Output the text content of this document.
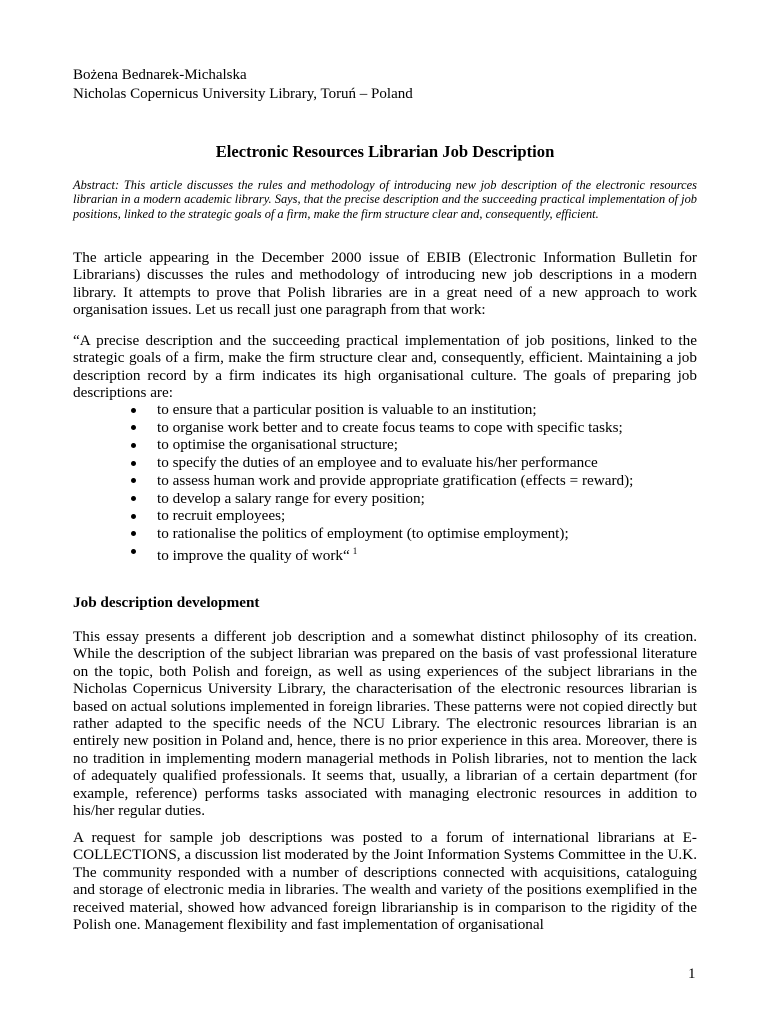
Bożena Bednarek-Michalska
Nicholas Copernicus University Library, Toruń – Poland
Electronic Resources Librarian Job Description
Abstract: This article discusses the rules and methodology of introducing new job description of the electronic resources librarian in a modern academic library. Says, that the precise description and the succeeding practical implementation of job positions, linked to the strategic goals of a firm, make the firm structure clear and, consequently, efficient.

The article appearing in the December 2000 issue of EBIB (Electronic Information Bulletin for Librarians) discusses the rules and methodology of introducing new job descriptions in a modern library. It attempts to prove that Polish libraries are in a great need of a new approach to work organisation issues. Let us recall just one paragraph from that work:

“A precise description and the succeeding practical implementation of job positions, linked to the strategic goals of a firm, make the firm structure clear and, consequently, efficient. Maintaining a job description record by a firm indicates its high organisational culture. The goals of preparing job descriptions are:

to ensure that a particular position is valuable to an institution;
to organise work better and to create focus teams to cope with specific tasks;
to optimise the organisational structure;
to specify the duties of an employee and to evaluate his/her performance
to assess human work and provide appropriate gratification (effects = reward);
to develop a salary range for every position;
to recruit employees;
to rationalise the politics of employment (to optimise employment);
to improve the quality of work“ $^1$
Job description development

This essay presents a different job description and a somewhat distinct philosophy of its creation. While the description of the subject librarian was prepared on the basis of vast professional literature on the topic, both Polish and foreign, as well as using experiences of the subject librarians in the Nicholas Copernicus University Library, the characterisation of the electronic resources librarian is based on actual solutions implemented in foreign libraries. These patterns were not copied directly but rather adapted to the specific needs of the NCU Library. The electronic resources librarian is an entirely new position in Poland and, hence, there is no prior experience in this area. Moreover, there is no tradition in implementing modern managerial methods in Polish libraries, not to mention the lack of adequately qualified professionals. It seems that, usually, a librarian of a certain department (for example, reference) performs tasks associated with managing electronic resources in addition to his/her regular duties.

A request for sample job descriptions was posted to a forum of international librarians at E-COLLECTIONS, a discussion list moderated by the Joint Information Systems Committee in the U.K. The community responded with a number of descriptions connected with acquisitions, cataloguing and storage of electronic media in libraries. The wealth and variety of the positions exemplified in the received material, showed how advanced foreign librarianship is in comparison to the rigidity of the Polish one. Management flexibility and fast implementation of organisational

1
